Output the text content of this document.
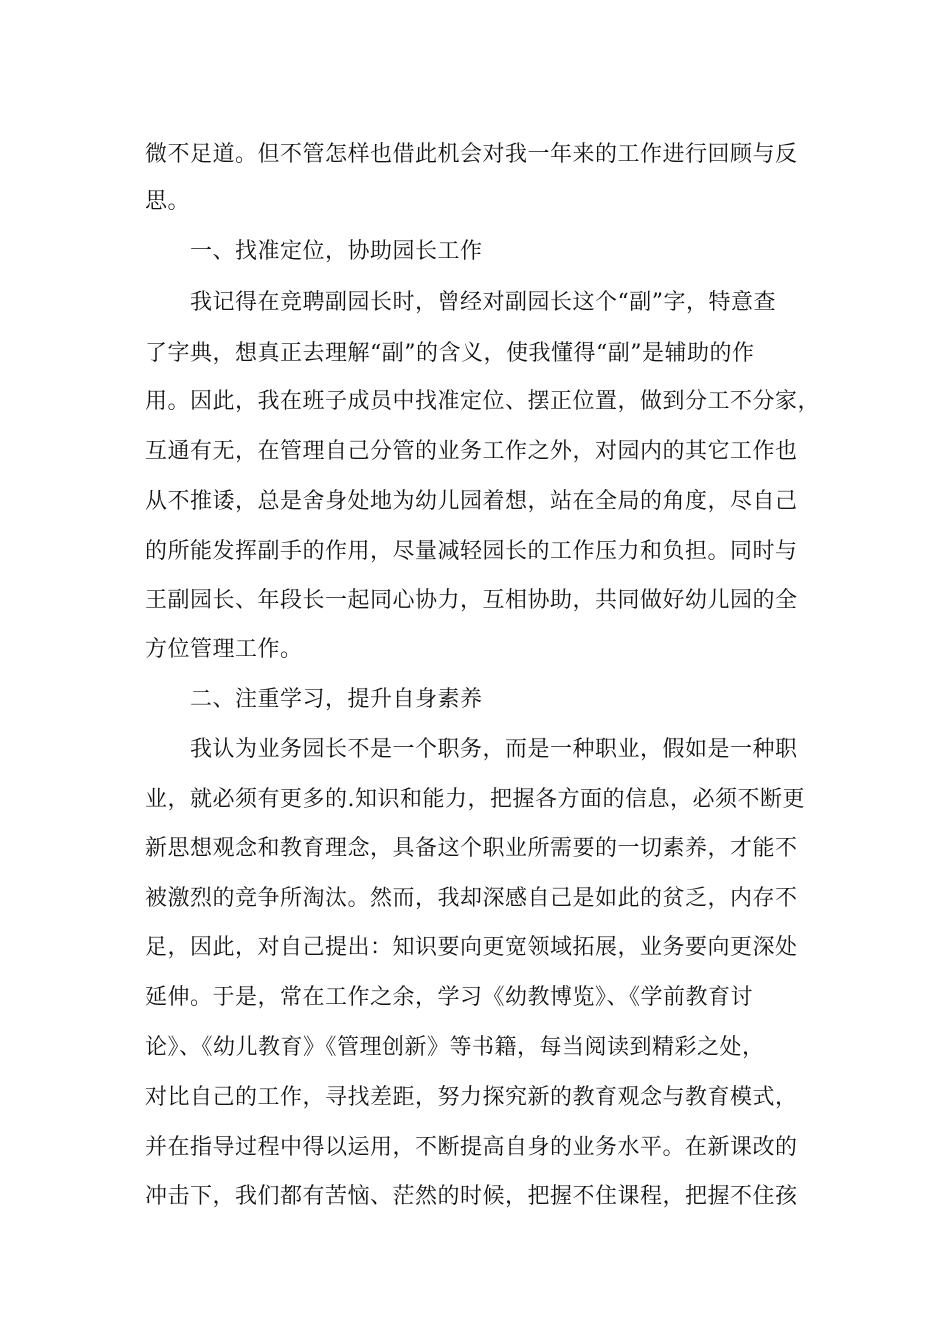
微不足道。但不管怎样也借此机会对我一年来的工作进行回顾与反
思。
一、找准定位，协助园长工作
我记得在竞聘副园长时，曾经对副园长这个“副”字，特意查
了字典，想真正去理解“副”的含义，使我懂得“副”是辅助的作
用。因此，我在班子成员中找准定位、摆正位置，做到分工不分家，
互通有无，在管理自己分管的业务工作之外，对园内的其它工作也
从不推诿，总是舍身处地为幼儿园着想，站在全局的角度，尽自己
的所能发挥副手的作用，尽量减轻园长的工作压力和负担。同时与
王副园长、年段长一起同心协力，互相协助，共同做好幼儿园的全
方位管理工作。
二、注重学习，提升自身素养
我认为业务园长不是一个职务，而是一种职业，假如是一种职
业，就必须有更多的.知识和能力，把握各方面的信息，必须不断更
新思想观念和教育理念，具备这个职业所需要的一切素养，才能不
被激烈的竞争所淘汰。然而，我却深感自己是如此的贫乏，内存不
足，因此，对自己提出：知识要向更宽领域拓展，业务要向更深处
延伸。于是，常在工作之余，学习《幼教博览》、《学前教育讨
论》、《幼儿教育》《管理创新》等书籍，每当阅读到精彩之处，
对比自己的工作，寻找差距，努力探究新的教育观念与教育模式，
并在指导过程中得以运用，不断提高自身的业务水平。在新课改的
冲击下，我们都有苦恼、茫然的时候，把握不住课程，把握不住孩
